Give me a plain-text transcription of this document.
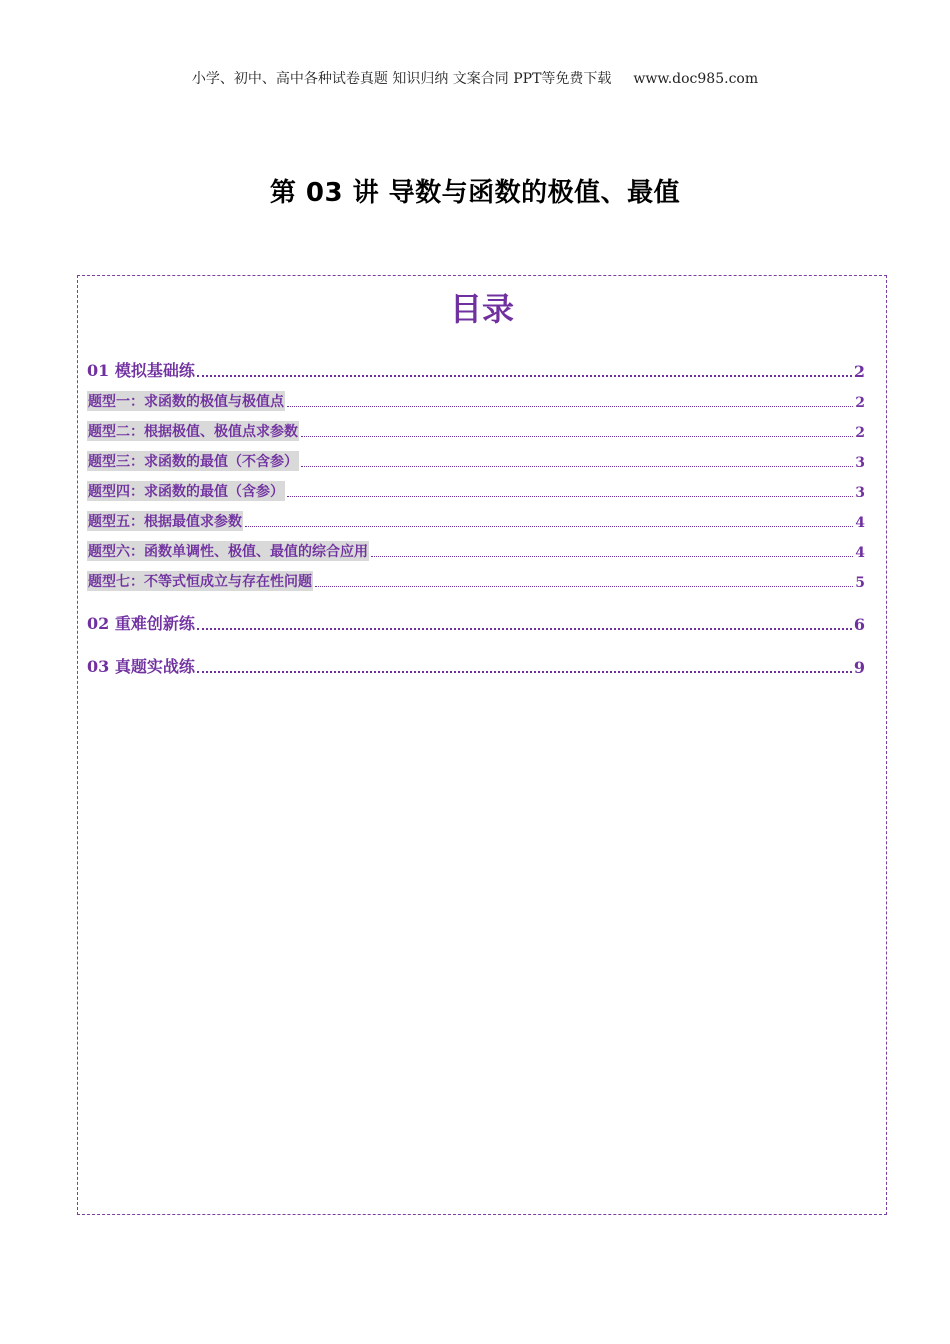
小学、初中、高中各种试卷真题 知识归纳 文案合同 PPT等免费下载 www.doc985.com
第 03 讲 导数与函数的极值、最值
目录
01 模拟基础练	2
题型一：求函数的极值与极值点	2
题型二：根据极值、极值点求参数	2
题型三：求函数的最值（不含参）	3
题型四：求函数的最值（含参）	3
题型五：根据最值求参数	4
题型六：函数单调性、极值、最值的综合应用	4
题型七：不等式恒成立与存在性问题	5
02 重难创新练	6
03 真题实战练	9
